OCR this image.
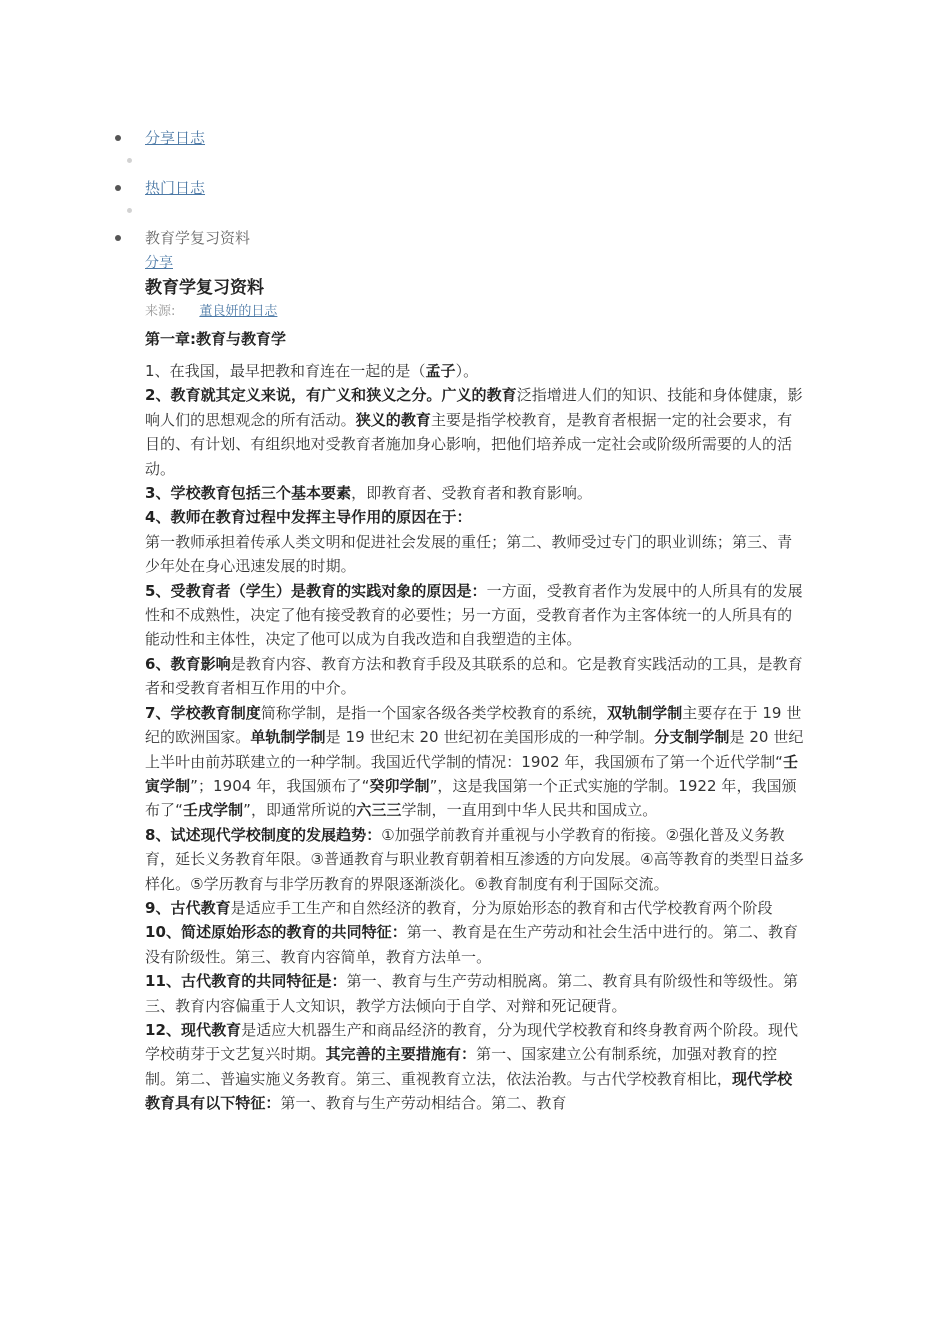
分享日志
热门日志
教育学复习资料
分享
教育学复习资料
来源: 董良妍的日志
第一章:教育与教育学

1、在我国，最早把教和育连在一起的是（孟子）。

2、教育就其定义来说，有广义和狭义之分。广义的教育泛指增进人们的知识、技能和身体健康，影响人们的思想观念的所有活动。狭义的教育主要是指学校教育，是教育者根据一定的社会要求，有目的、有计划、有组织地对受教育者施加身心影响，把他们培养成一定社会或阶级所需要的人的活动。

3、学校教育包括三个基本要素，即教育者、受教育者和教育影响。

4、教师在教育过程中发挥主导作用的原因在于：

第一教师承担着传承人类文明和促进社会发展的重任；第二、教师受过专门的职业训练；第三、青少年处在身心迅速发展的时期。

5、受教育者（学生）是教育的实践对象的原因是：一方面，受教育者作为发展中的人所具有的发展性和不成熟性，决定了他有接受教育的必要性；另一方面，受教育者作为主客体统一的人所具有的能动性和主体性，决定了他可以成为自我改造和自我塑造的主体。

6、教育影响是教育内容、教育方法和教育手段及其联系的总和。它是教育实践活动的工具，是教育者和受教育者相互作用的中介。

7、学校教育制度简称学制，是指一个国家各级各类学校教育的系统，双轨制学制主要存在于 19 世纪的欧洲国家。单轨制学制是 19 世纪末 20 世纪初在美国形成的一种学制。分支制学制是 20 世纪上半叶由前苏联建立的一种学制。我国近代学制的情况：1902 年，我国颁布了第一个近代学制“壬寅学制”；1904 年，我国颁布了“癸卯学制”，这是我国第一个正式实施的学制。1922 年，我国颁布了“壬戌学制”，即通常所说的六三三学制，一直用到中华人民共和国成立。

8、试述现代学校制度的发展趋势：①加强学前教育并重视与小学教育的衔接。②强化普及义务教育，延长义务教育年限。③普通教育与职业教育朝着相互渗透的方向发展。④高等教育的类型日益多样化。⑤学历教育与非学历教育的界限逐渐淡化。⑥教育制度有利于国际交流。

9、古代教育是适应手工生产和自然经济的教育，分为原始形态的教育和古代学校教育两个阶段

10、简述原始形态的教育的共同特征：第一、教育是在生产劳动和社会生活中进行的。第二、教育没有阶级性。第三、教育内容简单，教育方法单一。

11、古代教育的共同特征是：第一、教育与生产劳动相脱离。第二、教育具有阶级性和等级性。第三、教育内容偏重于人文知识，教学方法倾向于自学、对辩和死记硬背。

12、现代教育是适应大机器生产和商品经济的教育，分为现代学校教育和终身教育两个阶段。现代学校萌芽于文艺复兴时期。其完善的主要措施有：第一、国家建立公有制系统，加强对教育的控制。第二、普遍实施义务教育。第三、重视教育立法，依法治教。与古代学校教育相比，现代学校教育具有以下特征：第一、教育与生产劳动相结合。第二、教育
